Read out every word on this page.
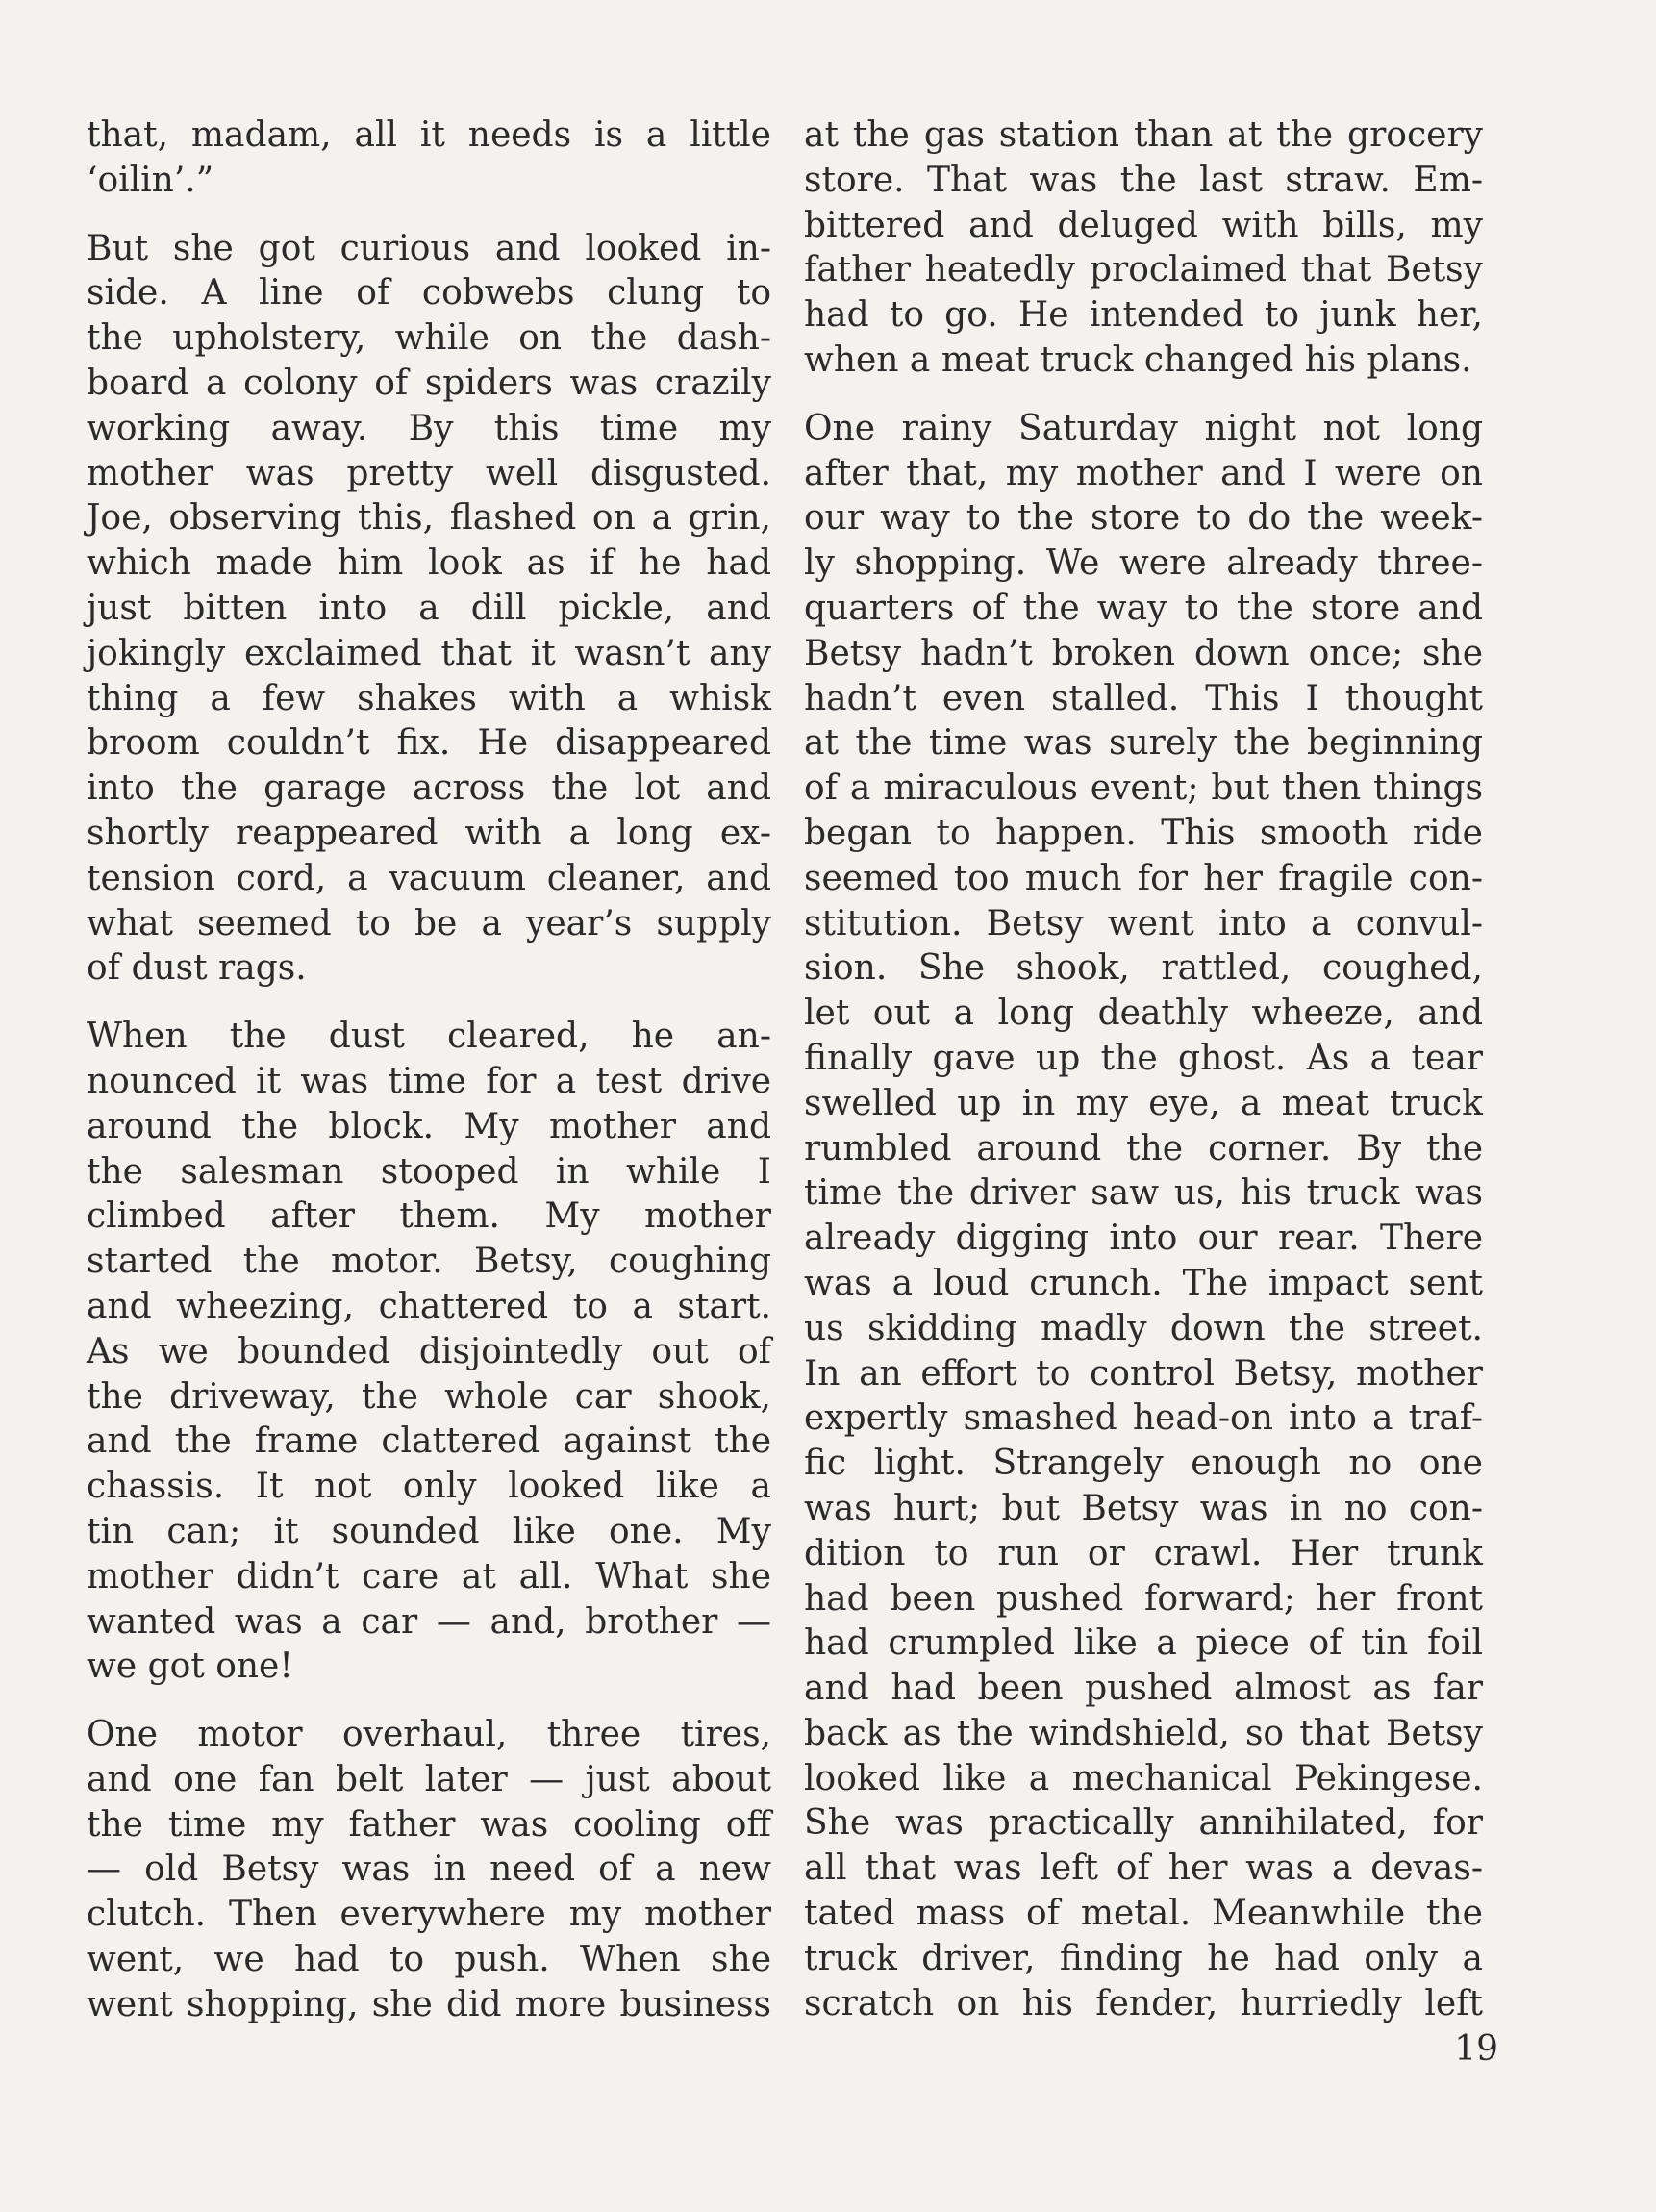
that, madam, all it needs is a little
‘oilin’.”

But she got curious and looked in-
side. A line of cobwebs clung to
the upholstery, while on the dash-
board a colony of spiders was crazily
working away. By this time my
mother was pretty well disgusted.
Joe, observing this, flashed on a grin,
which made him look as if he had
just bitten into a dill pickle, and
jokingly exclaimed that it wasn’t any
thing a few shakes with a whisk
broom couldn’t fix. He disappeared
into the garage across the lot and
shortly reappeared with a long ex-
tension cord, a vacuum cleaner, and
what seemed to be a year’s supply
of dust rags.

When the dust cleared, he an-
nounced it was time for a test drive
around the block. My mother and
the salesman stooped in while I
climbed after them. My mother
started the motor. Betsy, coughing
and wheezing, chattered to a start.
As we bounded disjointedly out of
the driveway, the whole car shook,
and the frame clattered against the
chassis. It not only looked like a
tin can; it sounded like one. My
mother didn’t care at all. What she
wanted was a car — and, brother —
we got one!

One motor overhaul, three tires,
and one fan belt later — just about
the time my father was cooling off
— old Betsy was in need of a new
clutch. Then everywhere my mother
went, we had to push. When she
went shopping, she did more business

at the gas station than at the grocery
store. That was the last straw. Em-
bittered and deluged with bills, my
father heatedly proclaimed that Betsy
had to go. He intended to junk her,
when a meat truck changed his plans.

One rainy Saturday night not long
after that, my mother and I were on
our way to the store to do the week-
ly shopping. We were already three-
quarters of the way to the store and
Betsy hadn’t broken down once; she
hadn’t even stalled. This I thought
at the time was surely the beginning
of a miraculous event; but then things
began to happen. This smooth ride
seemed too much for her fragile con-
stitution. Betsy went into a convul-
sion. She shook, rattled, coughed,
let out a long deathly wheeze, and
finally gave up the ghost. As a tear
swelled up in my eye, a meat truck
rumbled around the corner. By the
time the driver saw us, his truck was
already digging into our rear. There
was a loud crunch. The impact sent
us skidding madly down the street.
In an effort to control Betsy, mother
expertly smashed head-on into a traf-
fic light. Strangely enough no one
was hurt; but Betsy was in no con-
dition to run or crawl. Her trunk
had been pushed forward; her front
had crumpled like a piece of tin foil
and had been pushed almost as far
back as the windshield, so that Betsy
looked like a mechanical Pekingese.
She was practically annihilated, for
all that was left of her was a devas-
tated mass of metal. Meanwhile the
truck driver, finding he had only a
scratch on his fender, hurriedly left

19
